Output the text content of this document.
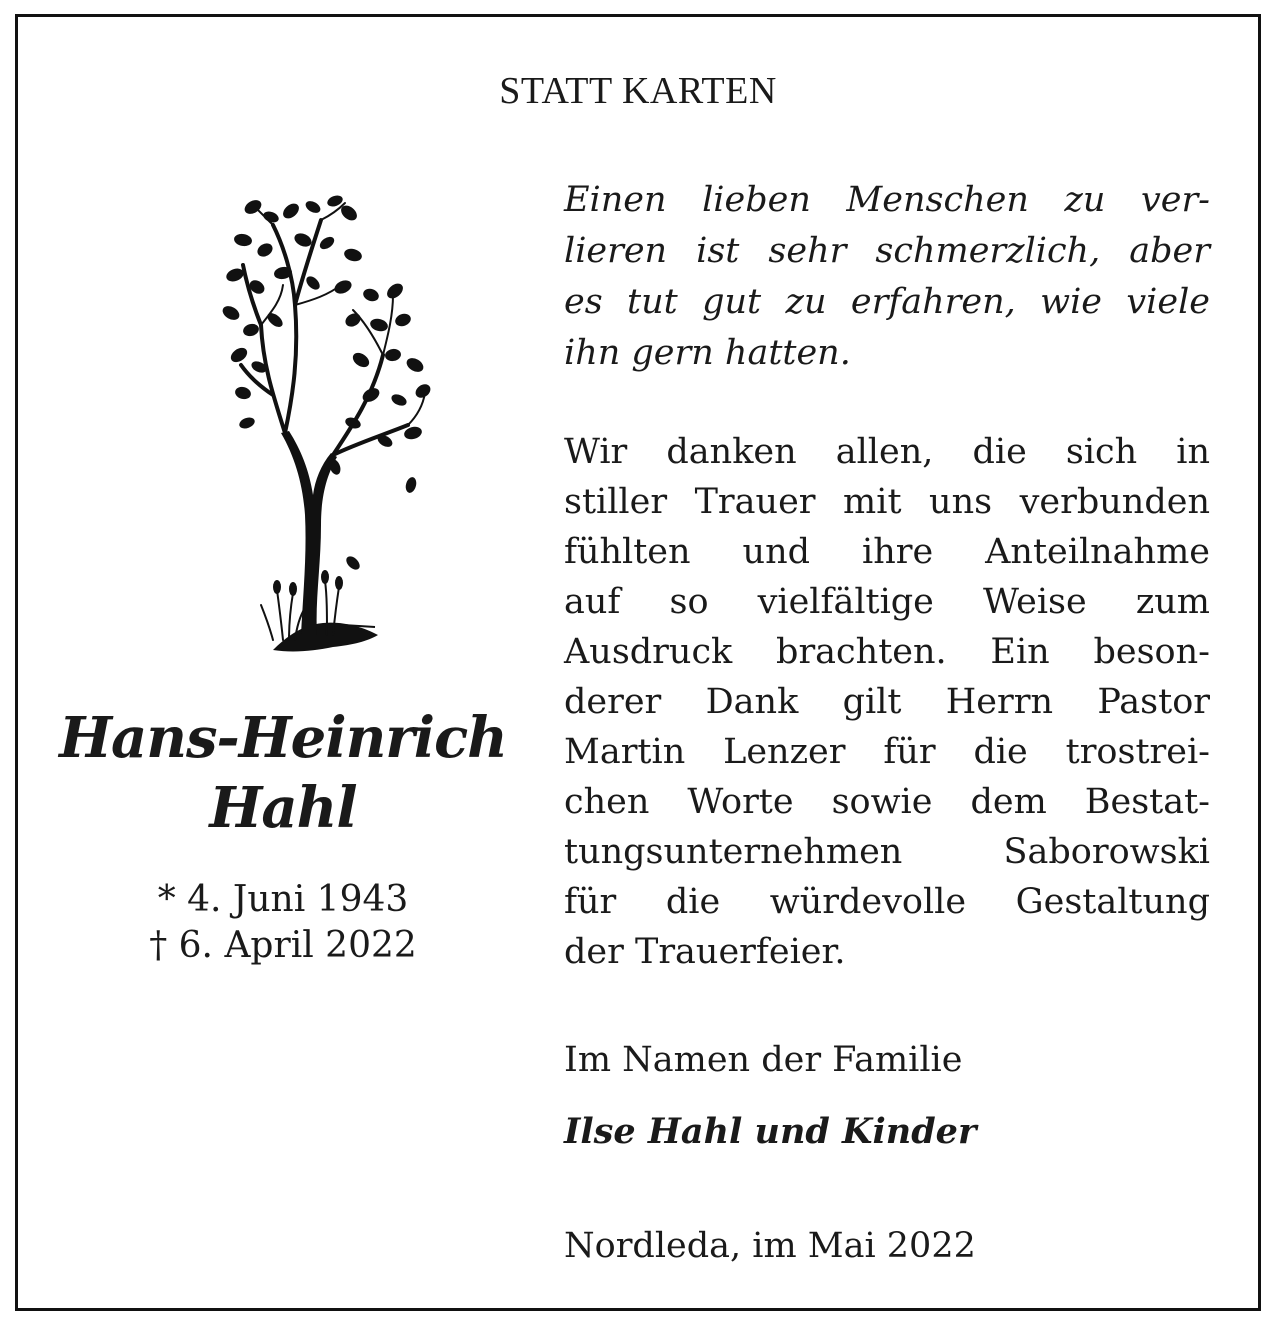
STATT KARTEN
Hans-Heinrich
Hahl
* 4. Juni 1943
† 6. April 2022
Einen lieben Menschen zu ver-
lieren ist sehr schmerzlich, aber
es tut gut zu erfahren, wie viele
ihn gern hatten.
Wir danken allen, die sich in
stiller Trauer mit uns verbunden
fühlten und ihre Anteilnahme
auf so vielfältige Weise zum
Ausdruck brachten. Ein beson-
derer Dank gilt Herrn Pastor
Martin Lenzer für die trostrei-
chen Worte sowie dem Bestat-
tungsunternehmen Saborowski
für die würdevolle Gestaltung
der Trauerfeier.
Im Namen der Familie
Ilse Hahl und Kinder
Nordleda, im Mai 2022
